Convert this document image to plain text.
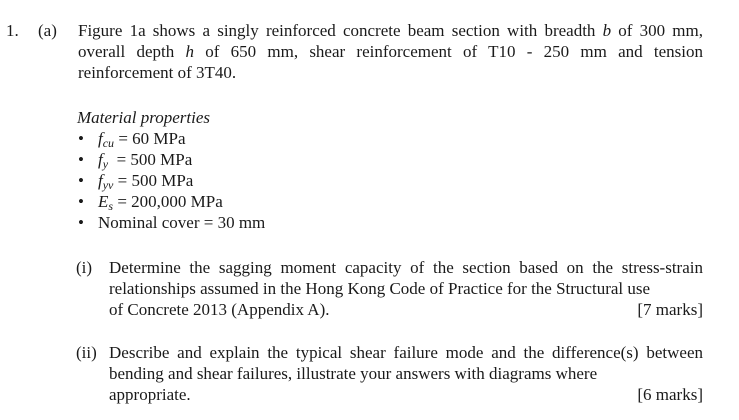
1. (a) Figure 1a shows a singly reinforced concrete beam section with breadth b of 300 mm, overall depth h of 650 mm, shear reinforcement of T10 - 250 mm and tension reinforcement of 3T40.

Material properties
• fcu = 60 MPa
• fy  = 500 MPa
• fyv = 500 MPa
• Es = 200,000 MPa
• Nominal cover = 30 mm
(i) Determine the sagging moment capacity of the section based on the stress-strain relationships assumed in the Hong Kong Code of Practice for the Structural use
of Concrete 2013 (Appendix A).	[7 marks]
(ii) Describe and explain the typical shear failure mode and the difference(s) between bending and shear failures, illustrate your answers with diagrams where
appropriate.	[6 marks]
